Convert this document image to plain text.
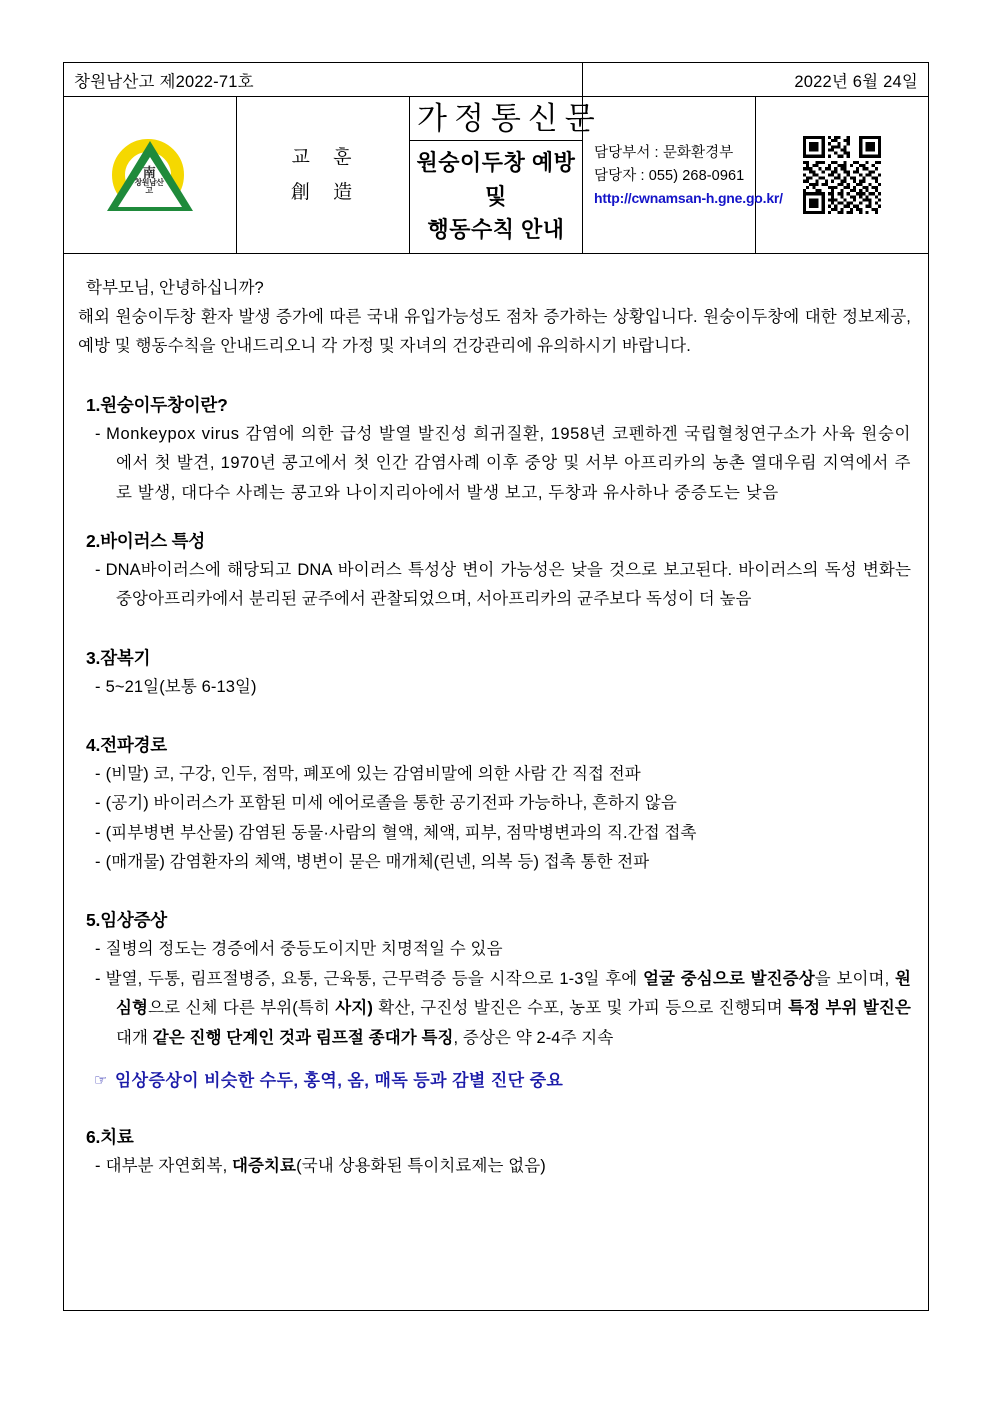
창원남산고 제2022-71호			2022년 6월 24일	

南
창원남산고

교 훈
創 造

가정통신문
원숭이두창 예방 및
행동수칙 안내

담당부서 : 문화환경부
담당자 : 055) 268-0961
http://cwnamsan-h.gne.go.kr/

학부모님, 안녕하십니까?
해외 원숭이두창 환자 발생 증가에 따른 국내 유입가능성도 점차 증가하는 상황입니다. 원숭이두창에 대한 정보제공, 예방 및 행동수칙을 안내드리오니 각 가정 및 자녀의 건강관리에 유의하시기 바랍니다.
1.원숭이두창이란?
- Monkeypox virus 감염에 의한 급성 발열 발진성 희귀질환, 1958년 코펜하겐 국립혈청연구소가 사육 원숭이에서 첫 발견, 1970년 콩고에서 첫 인간 감염사례 이후 중앙 및 서부 아프리카의 농촌 열대우림 지역에서 주로 발생, 대다수 사례는 콩고와 나이지리아에서 발생 보고, 두창과 유사하나 중증도는 낮음
2.바이러스 특성
- DNA바이러스에 해당되고 DNA 바이러스 특성상 변이 가능성은 낮을 것으로 보고된다. 바이러스의 독성 변화는 중앙아프리카에서 분리된 균주에서 관찰되었으며, 서아프리카의 균주보다 독성이 더 높음
3.잠복기
- 5~21일(보통 6-13일)
4.전파경로
- (비말) 코, 구강, 인두, 점막, 폐포에 있는 감염비말에 의한 사람 간 직접 전파
- (공기) 바이러스가 포함된 미세 에어로졸을 통한 공기전파 가능하나, 흔하지 않음
- (피부병변 부산물) 감염된 동물·사람의 혈액, 체액, 피부, 점막병변과의 직.간접 접촉
- (매개물) 감염환자의 체액, 병변이 묻은 매개체(린넨, 의복 등) 접촉 통한 전파
5.임상증상
- 질병의 정도는 경증에서 중등도이지만 치명적일 수 있음
- 발열, 두통, 림프절병증, 요통, 근육통, 근무력증 등을 시작으로 1-3일 후에 얼굴 중심으로 발진증상을 보이며, 원심형으로 신체 다른 부위(특히 사지) 확산, 구진성 발진은 수포, 농포 및 가피 등으로 진행되며 특정 부위 발진은 대개 같은 진행 단계인 것과 림프절 종대가 특징, 증상은 약 2-4주 지속
☞ 임상증상이 비슷한 수두, 홍역, 옴, 매독 등과 감별 진단 중요
6.치료
- 대부분 자연회복, 대증치료(국내 상용화된 특이치료제는 없음)
